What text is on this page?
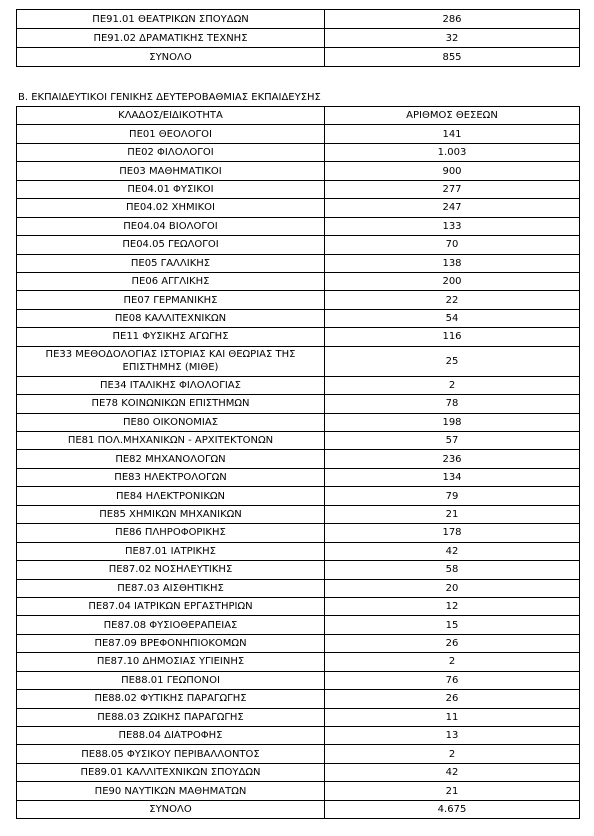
ΠΕ91.01 ΘΕΑΤΡΙΚΩΝ ΣΠΟΥΔΩΝ	286
ΠΕ91.02 ΔΡΑΜΑΤΙΚΗΣ ΤΕΧΝΗΣ	32
ΣΥΝΟΛΟ	855
Β. ΕΚΠΑΙΔΕΥΤΙΚΟΙ ΓΕΝΙΚΗΣ ΔΕΥΤΕΡΟΒΑΘΜΙΑΣ ΕΚΠΑΙΔΕΥΣΗΣ
ΚΛΑΔΟΣ/ΕΙΔΙΚΟΤΗΤΑ	ΑΡΙΘΜΟΣ ΘΕΣΕΩΝ
ΠΕ01 ΘΕΟΛΟΓΟΙ	141
ΠΕ02 ΦΙΛΟΛΟΓΟΙ	1.003
ΠΕ03 ΜΑΘΗΜΑΤΙΚΟΙ	900
ΠΕ04.01 ΦΥΣΙΚΟΙ	277
ΠΕ04.02 ΧΗΜΙΚΟΙ	247
ΠΕ04.04 ΒΙΟΛΟΓΟΙ	133
ΠΕ04.05 ΓΕΩΛΟΓΟΙ	70
ΠΕ05 ΓΑΛΛΙΚΗΣ	138
ΠΕ06 ΑΓΓΛΙΚΗΣ	200
ΠΕ07 ΓΕΡΜΑΝΙΚΗΣ	22
ΠΕ08 ΚΑΛΛΙΤΕΧΝΙΚΩΝ	54
ΠΕ11 ΦΥΣΙΚΗΣ ΑΓΩΓΗΣ	116
ΠΕ33 ΜΕΘΟΔΟΛΟΓΙΑΣ ΙΣΤΟΡΙΑΣ ΚΑΙ ΘΕΩΡΙΑΣ ΤΗΣ ΕΠΙΣΤΗΜΗΣ (ΜΙΘΕ)	25
ΠΕ34 ΙΤΑΛΙΚΗΣ ΦΙΛΟΛΟΓΙΑΣ	2
ΠΕ78 ΚΟΙΝΩΝΙΚΩΝ ΕΠΙΣΤΗΜΩΝ	78
ΠΕ80 ΟΙΚΟΝΟΜΙΑΣ	198
ΠΕ81 ΠΟΛ.ΜΗΧΑΝΙΚΩΝ - ΑΡΧΙΤΕΚΤΟΝΩΝ	57
ΠΕ82 ΜΗΧΑΝΟΛΟΓΩΝ	236
ΠΕ83 ΗΛΕΚΤΡΟΛΟΓΩΝ	134
ΠΕ84 ΗΛΕΚΤΡΟΝΙΚΩΝ	79
ΠΕ85 ΧΗΜΙΚΩΝ ΜΗΧΑΝΙΚΩΝ	21
ΠΕ86 ΠΛΗΡΟΦΟΡΙΚΗΣ	178
ΠΕ87.01 ΙΑΤΡΙΚΗΣ	42
ΠΕ87.02 ΝΟΣΗΛΕΥΤΙΚΗΣ	58
ΠΕ87.03 ΑΙΣΘΗΤΙΚΗΣ	20
ΠΕ87.04 ΙΑΤΡΙΚΩΝ ΕΡΓΑΣΤΗΡΙΩΝ	12
ΠΕ87.08 ΦΥΣΙΟΘΕΡΑΠΕΙΑΣ	15
ΠΕ87.09 ΒΡΕΦΟΝΗΠΙΟΚΟΜΩΝ	26
ΠΕ87.10 ΔΗΜΟΣΙΑΣ ΥΓΙΕΙΝΗΣ	2
ΠΕ88.01 ΓΕΩΠΟΝΟΙ	76
ΠΕ88.02 ΦΥΤΙΚΗΣ ΠΑΡΑΓΩΓΗΣ	26
ΠΕ88.03 ΖΩΙΚΗΣ ΠΑΡΑΓΩΓΗΣ	11
ΠΕ88.04 ΔΙΑΤΡΟΦΗΣ	13
ΠΕ88.05 ΦΥΣΙΚΟΥ ΠΕΡΙΒΑΛΛΟΝΤΟΣ	2
ΠΕ89.01 ΚΑΛΛΙΤΕΧΝΙΚΩΝ ΣΠΟΥΔΩΝ	42
ΠΕ90 ΝΑΥΤΙΚΩΝ ΜΑΘΗΜΑΤΩΝ	21
ΣΥΝΟΛΟ	4.675
